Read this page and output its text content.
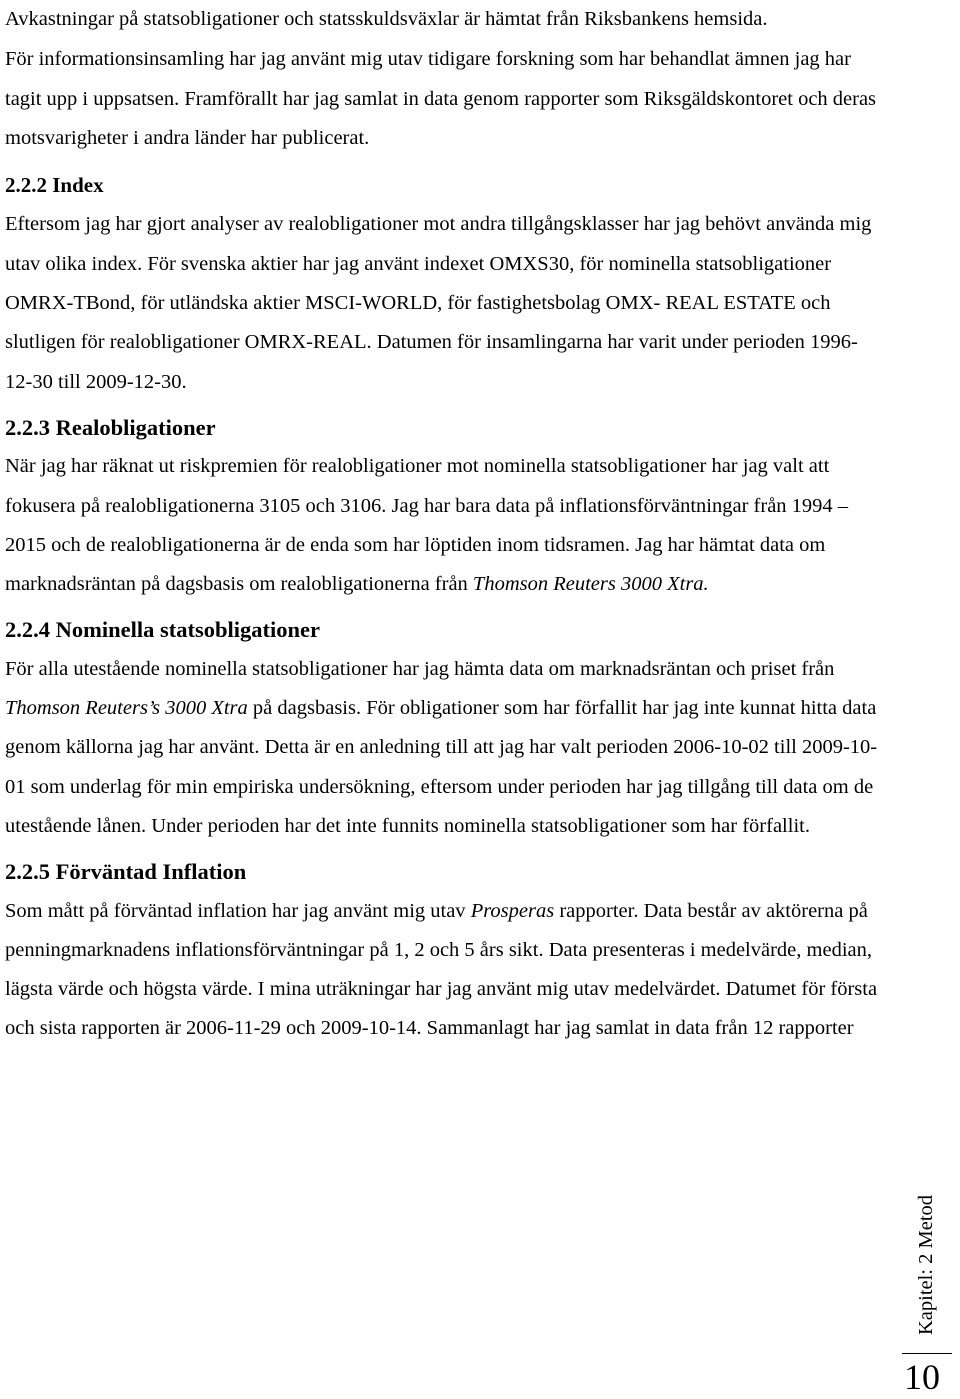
Avkastningar på statsobligationer och statsskuldsväxlar är hämtat från Riksbankens hemsida.

För informationsinsamling har jag använt mig utav tidigare forskning som har behandlat ämnen jag har tagit upp i uppsatsen. Framförallt har jag samlat in data genom rapporter som Riksgäldskontoret och deras motsvarigheter i andra länder har publicerat.

2.2.2 Index

Eftersom jag har gjort analyser av realobligationer mot andra tillgångsklasser har jag behövt använda mig utav olika index. För svenska aktier har jag använt indexet OMXS30, för nominella statsobligationer OMRX-TBond, för utländska aktier MSCI-WORLD, för fastighetsbolag OMX- REAL ESTATE och slutligen för realobligationer OMRX-REAL. Datumen för insamlingarna har varit under perioden 1996-12-30 till 2009-12-30.

2.2.3 Realobligationer

När jag har räknat ut riskpremien för realobligationer mot nominella statsobligationer har jag valt att fokusera på realobligationerna 3105 och 3106. Jag har bara data på inflationsförväntningar från 1994 – 2015 och de realobligationerna är de enda som har löptiden inom tidsramen. Jag har hämtat data om marknadsräntan på dagsbasis om realobligationerna från Thomson Reuters 3000 Xtra.

2.2.4 Nominella statsobligationer

För alla utestående nominella statsobligationer har jag hämta data om marknadsräntan och priset från Thomson Reuters’s 3000 Xtra på dagsbasis. För obligationer som har förfallit har jag inte kunnat hitta data genom källorna jag har använt. Detta är en anledning till att jag har valt perioden 2006-10-02 till 2009-10-01 som underlag för min empiriska undersökning, eftersom under perioden har jag tillgång till data om de utestående lånen. Under perioden har det inte funnits nominella statsobligationer som har förfallit.

2.2.5 Förväntad Inflation

Som mått på förväntad inflation har jag använt mig utav Prosperas rapporter. Data består av aktörerna på penningmarknadens inflationsförväntningar på 1, 2 och 5 års sikt. Data presenteras i medelvärde, median, lägsta värde och högsta värde. I mina uträkningar har jag använt mig utav medelvärdet. Datumet för första och sista rapporten är 2006-11-29 och 2009-10-14. Sammanlagt har jag samlat in data från 12 rapporter

Kapitel: 2 Metod
10
